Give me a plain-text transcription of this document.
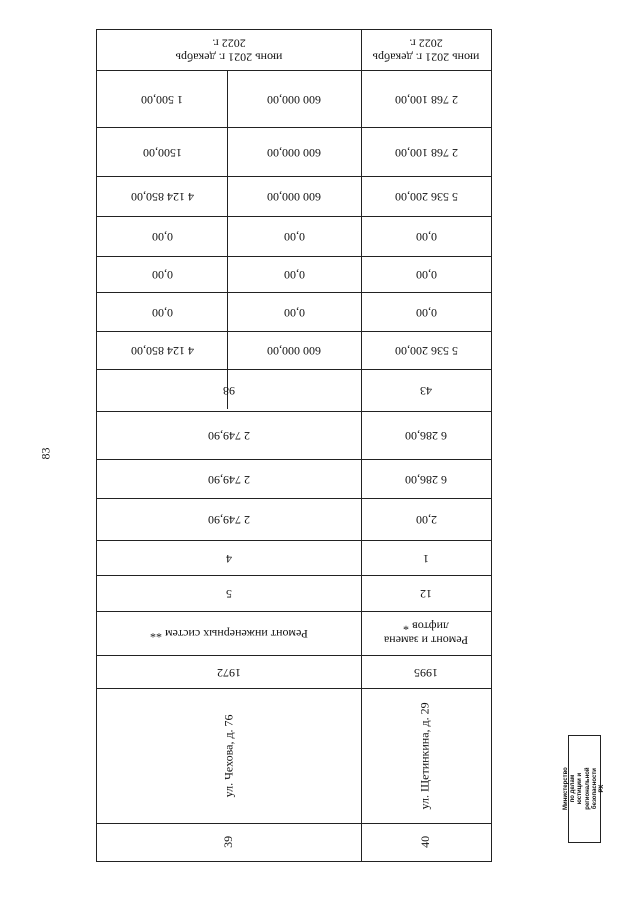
83
июнь 2021 г. декабрь 2022 г.
июнь 2021 г. декабрь 2022 г.
1 500,00	600 000,00	2 768 100,00
1500,00	600 000,00	2 768 100,00
4 124 850,00	600 000,00	5 536 200,00
0,00	0,00	0,00
0,00	0,00	0,00
0,00	0,00	0,00
4 124 850,00	600 000,00	5 536 200,00
98	43
2 749,90	6 286,00
2 749,90	6 286,00
2 749,90	2,00
4	1
5	12
Ремонт инженерных систем **	Ремонт и замена лифтов *
1972	1995
ул. Чехова, д. 76	ул. Щетинкина, д. 29
39	40
Министерство по делам юстиции и региональной безопасности РХ
